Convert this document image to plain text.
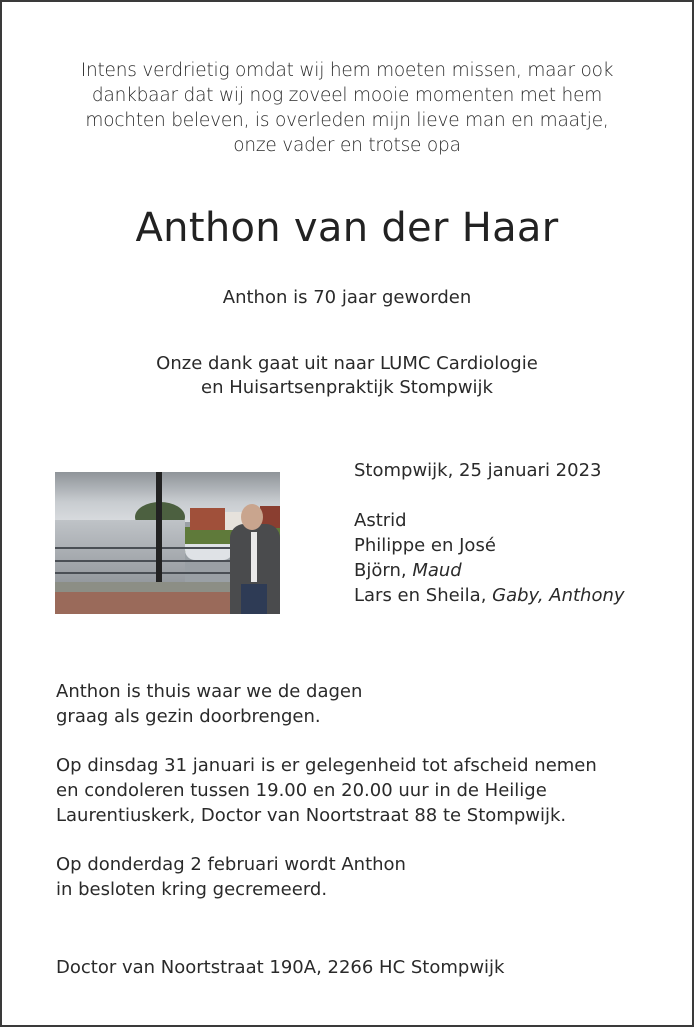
Intens verdrietig omdat wij hem moeten missen, maar ook
dankbaar dat wij nog zoveel mooie momenten met hem
mochten beleven, is overleden mijn lieve man en maatje,
onze vader en trotse opa
Anthon van der Haar
Anthon is 70 jaar geworden
Onze dank gaat uit naar LUMC Cardiologie
en Huisartsenpraktijk Stompwijk
Stompwijk, 25 januari 2023
Astrid
Philippe en José
Björn, Maud
Lars en Sheila, Gaby, Anthony

Anthon is thuis waar we de dagen
graag als gezin doorbrengen.

Op dinsdag 31 januari is er gelegenheid tot afscheid nemen
en condoleren tussen 19.00 en 20.00 uur in de Heilige
Laurentiuskerk, Doctor van Noortstraat 88 te Stompwijk.

Op donderdag 2 februari wordt Anthon
in besloten kring gecremeerd.

Doctor van Noortstraat 190A, 2266 HC Stompwijk
